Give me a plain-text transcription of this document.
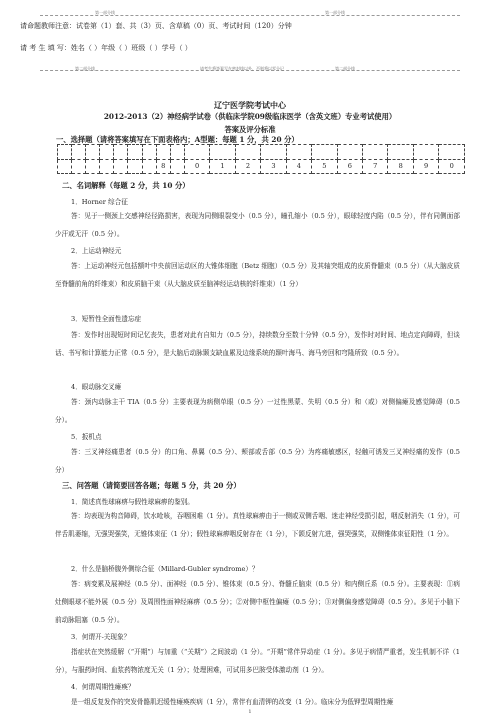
第一部分线	第一部分线
请命题教师注意：试卷第（1）套、共（3）页、含草稿（0）页、考试时间（120）分钟
请 考 生 填 写：姓名（ ）年级（ ）班级（ ）学号（ ）
第二部分线	请考生将答案写在密封线以外，否则将以零分记	第二部分线
辽宁医学院考试中心
2012-2013（2）神经病学试卷（供临床学院09级临床医学（含英文班）专业考试使用）
答案及评分标准
一、选择题（请将答案填写在下面表格内；A型题：每题 1 分，共 20 分）

							8		0	1	2	3	4	5	6	7	8	9	0
二、名词解释（每题 2 分，共 10 分）
1．Horner 综合征
答：见于一侧颈上交感神经径路损害，表现为同侧眼裂变小（0.5 分），瞳孔缩小（0.5 分），眼球轻度内陷（0.5 分），伴有同侧面部少汗或无汗（0.5 分）。
2．上运动神经元
答：上运动神经元包括额叶中央前回运动区的大锥体细胞（Betz 细胞）（0.5 分）及其轴突组成的皮质脊髓束（0.5 分）（从大脑皮质至脊髓前角的纤维束）和皮质脑干束（从大脑皮质至脑神经运动核的纤维束）（1 分）
3．短暂性全面性遗忘症
答：发作时出现短时间记忆丧失，患者对此有自知力（0.5 分），持续数分至数十分钟（0.5 分），发作时对时间、地点定向障碍，但谈话、书写和计算能力正常（0.5 分），是大脑后动脉颞支缺血累及边缘系统的颞叶海马、海马旁回和穹隆所致（0.5 分）。
4．眼动脉交叉瘫
答：颈内动脉主干 TIA（0.5 分）主要表现为病侧单眼（0.5 分）一过性黑蒙、失明（0.5 分）和（或）对侧偏瘫及感觉障碍（0.5 分）。
5．扳机点
答：三叉神经痛患者（0.5 分）的口角、鼻翼（0.5 分）、颊部或舌部（0.5 分）为疼痛敏感区，轻触可诱发三叉神经痛的发作（0.5 分）
三、问答题（请简要回答各题；每题 5 分，共 20 分）
1．简述真性球麻痹与假性球麻痹的鉴别。
答：均表现为构音障碍，饮水呛咳，吞咽困难（1 分）。真性球麻痹由于一侧或双侧舌咽、迷走神经受损引起，咽反射消失（1 分），可伴舌肌萎缩，无强哭强笑，无锥体束征（1 分）；假性球麻痹咽反射存在（1 分），下颌反射亢进，强哭强笑，双侧锥体束征阳性（1 分）。
2．什么是脑桥腹外侧综合征（Millard-Gubler syndrome）？
答：病变累及展神经（0.5 分）、面神经（0.5 分）、锥体束（0.5 分）、脊髓丘脑束（0.5 分）和内侧丘系（0.5 分）。主要表现：①病灶侧眼球不能外展（0.5 分）及周围性面神经麻痹（0.5 分）；②对侧中枢性偏瘫（0.5 分）；③对侧偏身感觉障碍（0.5 分）。多见于小脑下前动脉阻塞（0.5 分）。
3．何谓开-关现象？
指症状在突然缓解（“开期”）与加重（“关期”）之间波动（1 分）。“开期”常伴异动症（1 分）。多见于病情严重者，发生机制不详（1 分），与服药时间、血浆药物浓度无关（1 分）；处理困难，可试用多巴胺受体激动剂（1 分）。
4．何谓周期性瘫痪？
是一组反复发作的突发骨骼肌迟缓性瘫痪疾病（1 分），常伴有血清钾的改变（1 分）。临床分为低钾型周期性瘫
1
